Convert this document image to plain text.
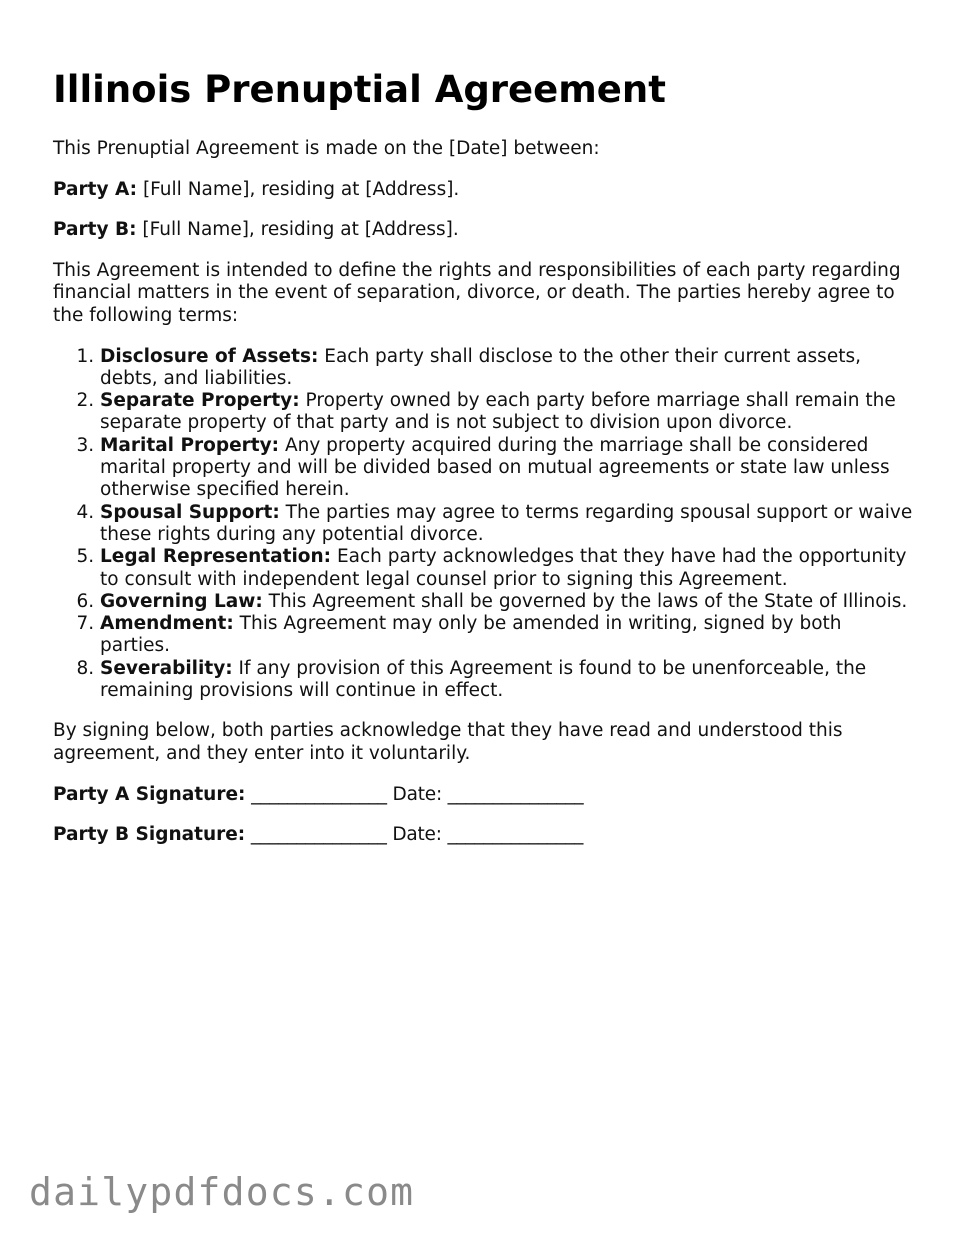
Illinois Prenuptial Agreement

This Prenuptial Agreement is made on the [Date] between:

Party A: [Full Name], residing at [Address].

Party B: [Full Name], residing at [Address].

This Agreement is intended to define the rights and responsibilities of each party regarding financial matters in the event of separation, divorce, or death. The parties hereby agree to the following terms:

1. Disclosure of Assets: Each party shall disclose to the other their current assets, debts, and liabilities.
2. Separate Property: Property owned by each party before marriage shall remain the separate property of that party and is not subject to division upon divorce.
3. Marital Property: Any property acquired during the marriage shall be considered marital property and will be divided based on mutual agreements or state law unless otherwise specified herein.
4. Spousal Support: The parties may agree to terms regarding spousal support or waive these rights during any potential divorce.
5. Legal Representation: Each party acknowledges that they have had the opportunity to consult with independent legal counsel prior to signing this Agreement.
6. Governing Law: This Agreement shall be governed by the laws of the State of Illinois.
7. Amendment: This Agreement may only be amended in writing, signed by both parties.
8. Severability: If any provision of this Agreement is found to be unenforceable, the remaining provisions will continue in effect.

By signing below, both parties acknowledge that they have read and understood this agreement, and they enter into it voluntarily.

Party A Signature: _______________ Date: _______________

Party B Signature: _______________ Date: _______________

dailypdfdocs.com
